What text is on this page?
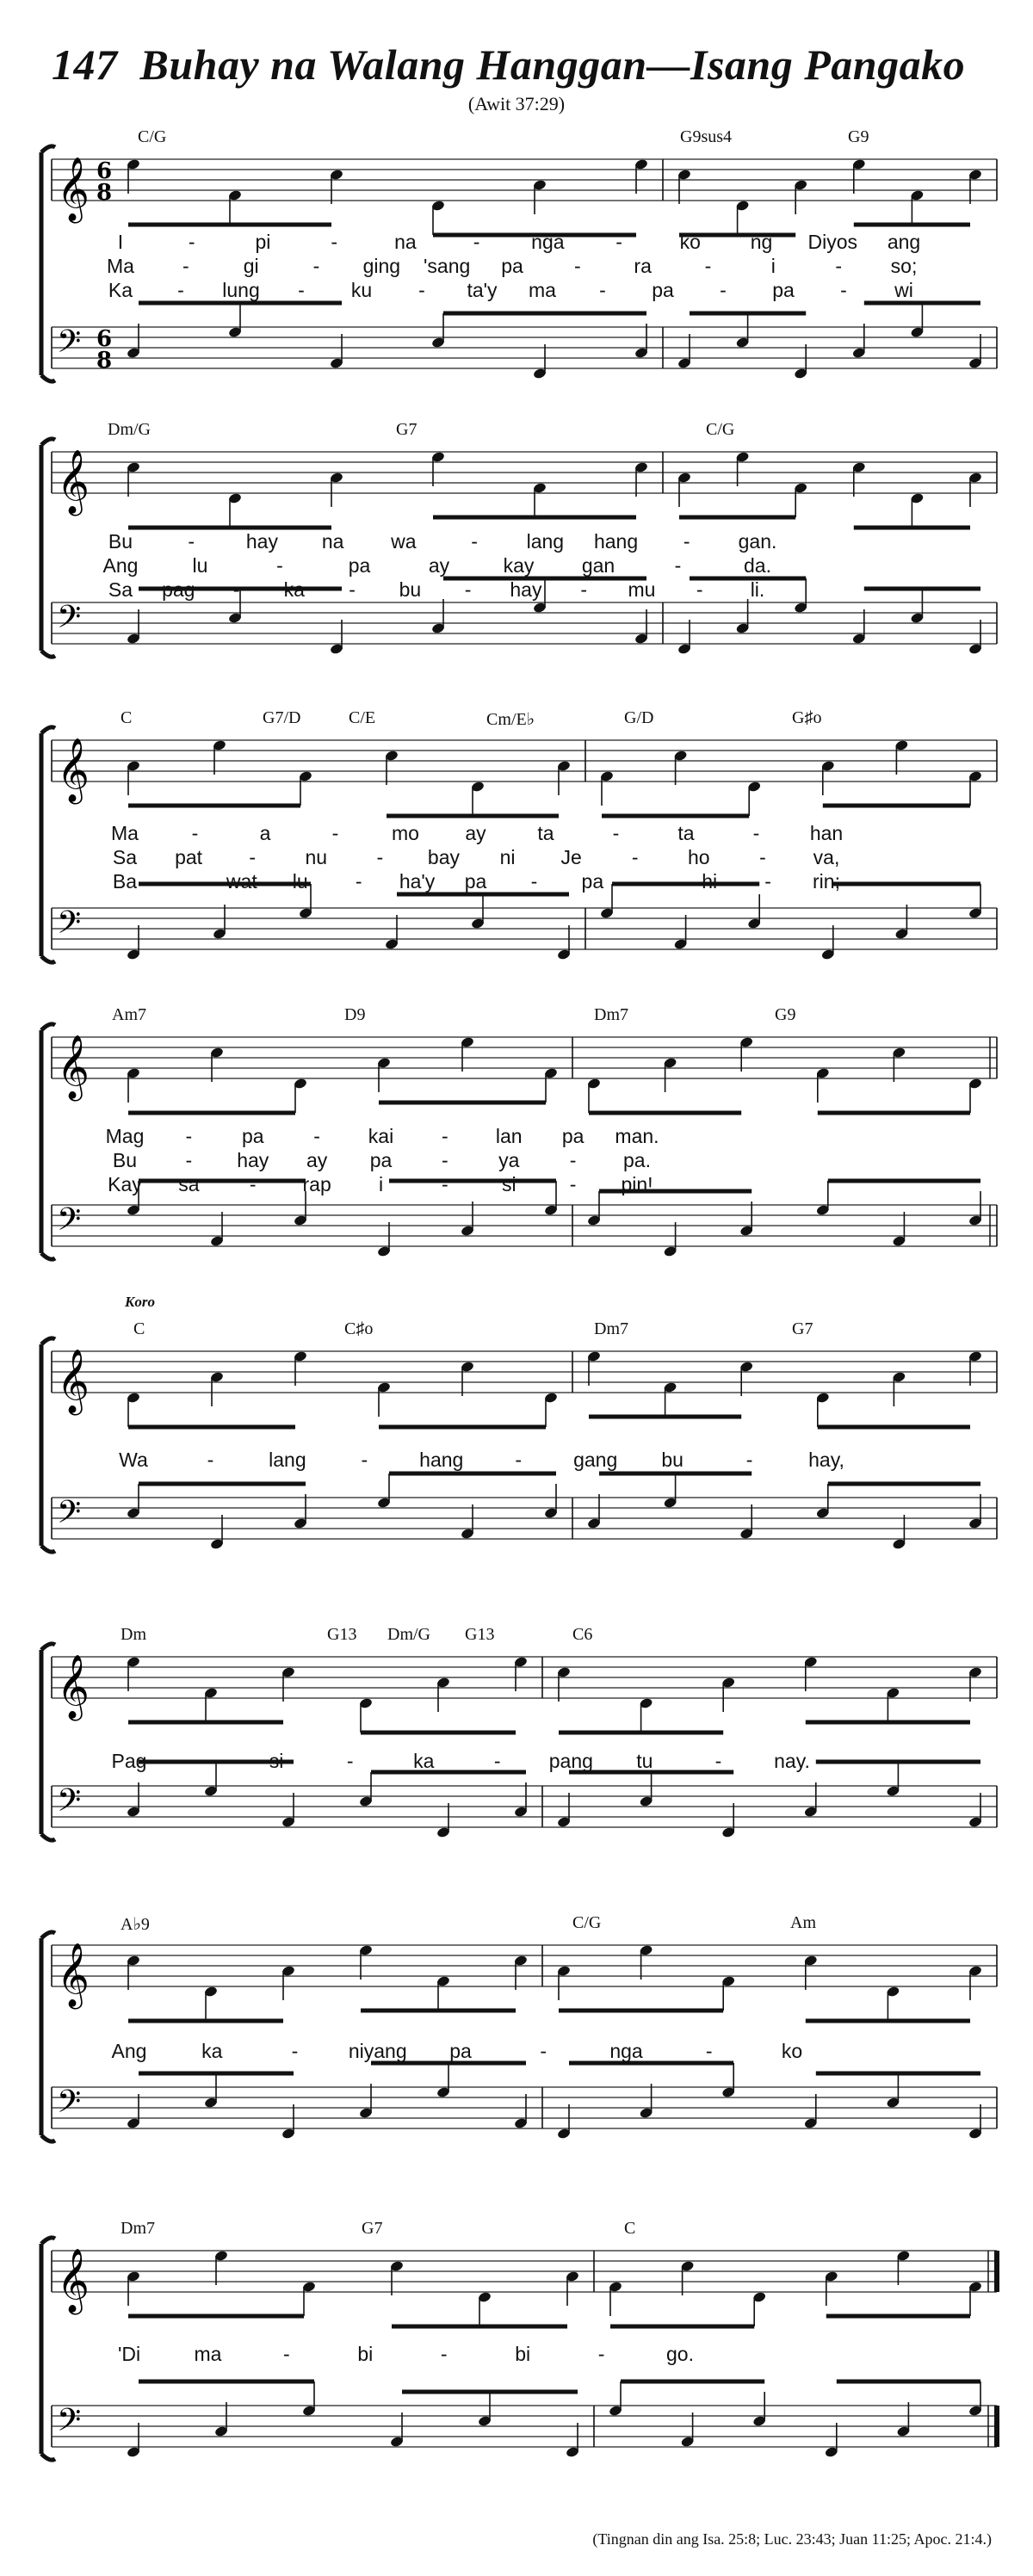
147 Buhay na Walang Hanggan—Isang Pangako
(Awit 37:29)
𝄞 6
8
𝄢 6
8
C/G	G9sus4	G9
I	-	pi	-	na	-	nga	-	ko	ng Diyos ang
Ma -	gi	- ging 'sang pa	-	ra	-	i	- so;
Ka - lung - ku - ta'y ma - pa - pa - wi
𝄞
𝄢
Dm/G	G7	C/G
Bu	-	hay na wa	- lang hang - gan.
Ang	lu	-	pa	ay	kay gan	-	da.
Sa pag - ka - bu - hay - mu - li.
𝄞
𝄢
C	G7/D	C/E	Cm/E♭	G/D	G♯o
Ma	-	a	-	mo ay	ta	-	ta	-	han
Sa pat - nu - bay ni Je	- ho - va,
Ba - wat lu - ha'y pa - pa - hi - rin;
𝄞
𝄢
Am7	D9	Dm7	G9
Mag -	pa	- kai - lan pa man.
Bu - hay ay pa	-	ya	- pa.
Kay sa	- rap i	-	si	- pin!
𝄞
𝄢
Koro
C	C♯o	Dm7	G7
Wa	-	lang	-	hang	-	gang bu	-	hay,
𝄞
𝄢
Dm	G13 Dm/G G13	C6
Pag	-	si	-	ka	- pang tu	-	nay.
𝄞
𝄢
A♭9	C/G	Am
Ang	ka	-	niyang pa	-	nga	-	ko
𝄞
𝄢
Dm7	G7	C
'Di	ma	-	bi	-	bi	-	go.
(Tingnan din ang Isa. 25:8; Luc. 23:43; Juan 11:25; Apoc. 21:4.)
